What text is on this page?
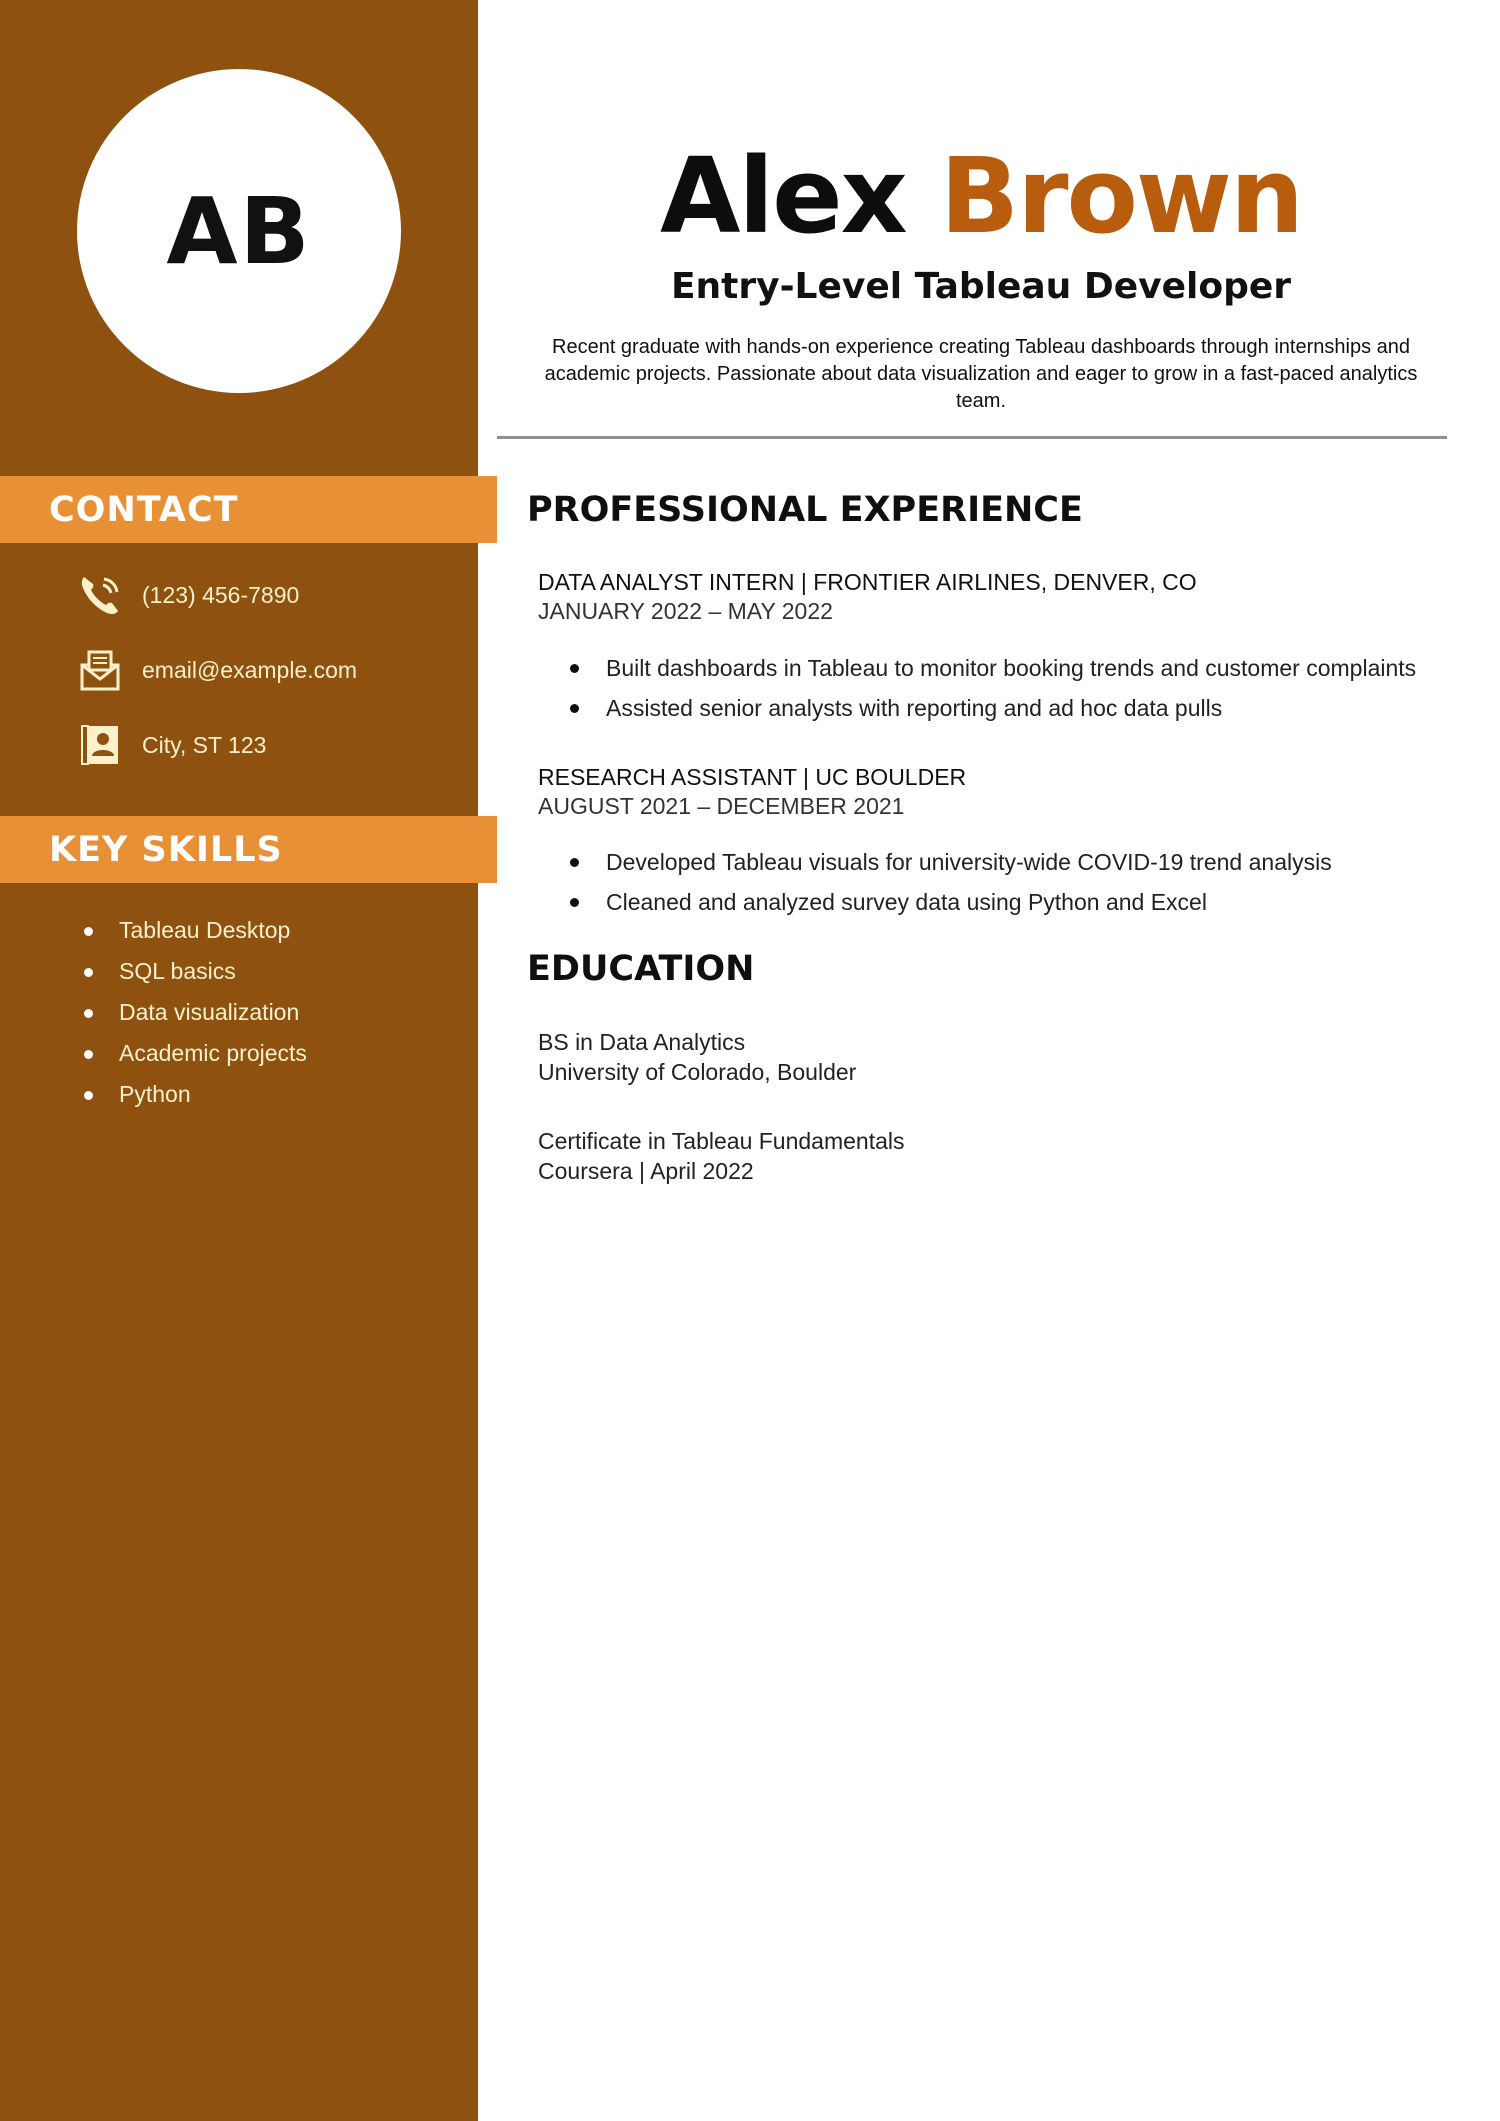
AB
CONTACT
(123) 456-7890
email@example.com
City, ST 123
KEY SKILLS
Tableau Desktop
SQL basics
Data visualization
Academic projects
Python
Alex Brown
Entry-Level Tableau Developer
Recent graduate with hands-on experience creating Tableau dashboards through internships and academic projects. Passionate about data visualization and eager to grow in a fast-paced analytics team.
PROFESSIONAL EXPERIENCE
DATA ANALYST INTERN | FRONTIER AIRLINES, DENVER, CO
JANUARY 2022 – MAY 2022
Built dashboards in Tableau to monitor booking trends and customer complaints
Assisted senior analysts with reporting and ad hoc data pulls
RESEARCH ASSISTANT | UC BOULDER
AUGUST 2021 – DECEMBER 2021
Developed Tableau visuals for university-wide COVID-19 trend analysis
Cleaned and analyzed survey data using Python and Excel
EDUCATION
BS in Data Analytics
University of Colorado, Boulder
Certificate in Tableau Fundamentals
Coursera | April 2022
